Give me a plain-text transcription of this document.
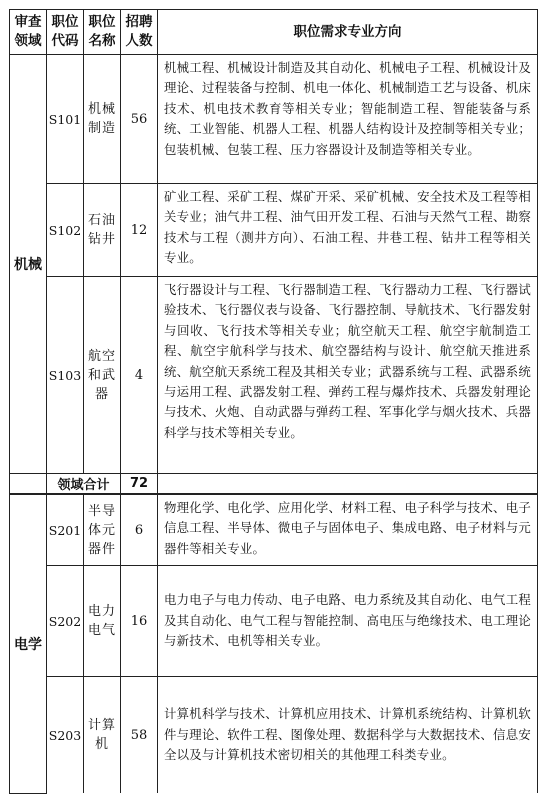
审查领域	职位代码	职位名称	招聘人数	职位需求专业方向
机械	S101	机械制造	56	机械工程、机械设计制造及其自动化、机械电子工程、机械设计及理论、过程装备与控制、机电一体化、机械制造工艺与设备、机床技术、机电技术教育等相关专业；智能制造工程、智能装备与系统、工业智能、机器人工程、机器人结构设计及控制等相关专业；包装机械、包装工程、压力容器设计及制造等相关专业。
	S102	石油钻井	12	矿业工程、采矿工程、煤矿开采、采矿机械、安全技术及工程等相关专业；油气井工程、油气田开发工程、石油与天然气工程、勘察技术与工程（测井方向）、石油工程、井巷工程、钻井工程等相关专业。
	S103	航空和武器	4	飞行器设计与工程、飞行器制造工程、飞行器动力工程、飞行器试验技术、飞行器仪表与设备、飞行器控制、导航技术、飞行器发射与回收、飞行技术等相关专业；航空航天工程、航空宇航制造工程、航空宇航科学与技术、航空器结构与设计、航空航天推进系统、航空航天系统工程及其相关专业；武器系统与工程、武器系统与运用工程、武器发射工程、弹药工程与爆炸技术、兵器发射理论与技术、火炮、自动武器与弹药工程、军事化学与烟火技术、兵器科学与技术等相关专业。
	领域合计		72	
电学	S201	半导体元器件	6	物理化学、电化学、应用化学、材料工程、电子科学与技术、电子信息工程、半导体、微电子与固体电子、集成电路、电子材料与元器件等相关专业。
	S202	电力电气	16	电力电子与电力传动、电子电路、电力系统及其自动化、电气工程及其自动化、电气工程与智能控制、高电压与绝缘技术、电工理论与新技术、电机等相关专业。
	S203	计算机	58	计算机科学与技术、计算机应用技术、计算机系统结构、计算机软件与理论、软件工程、图像处理、数据科学与大数据技术、信息安全以及与计算机技术密切相关的其他理工科类专业。
